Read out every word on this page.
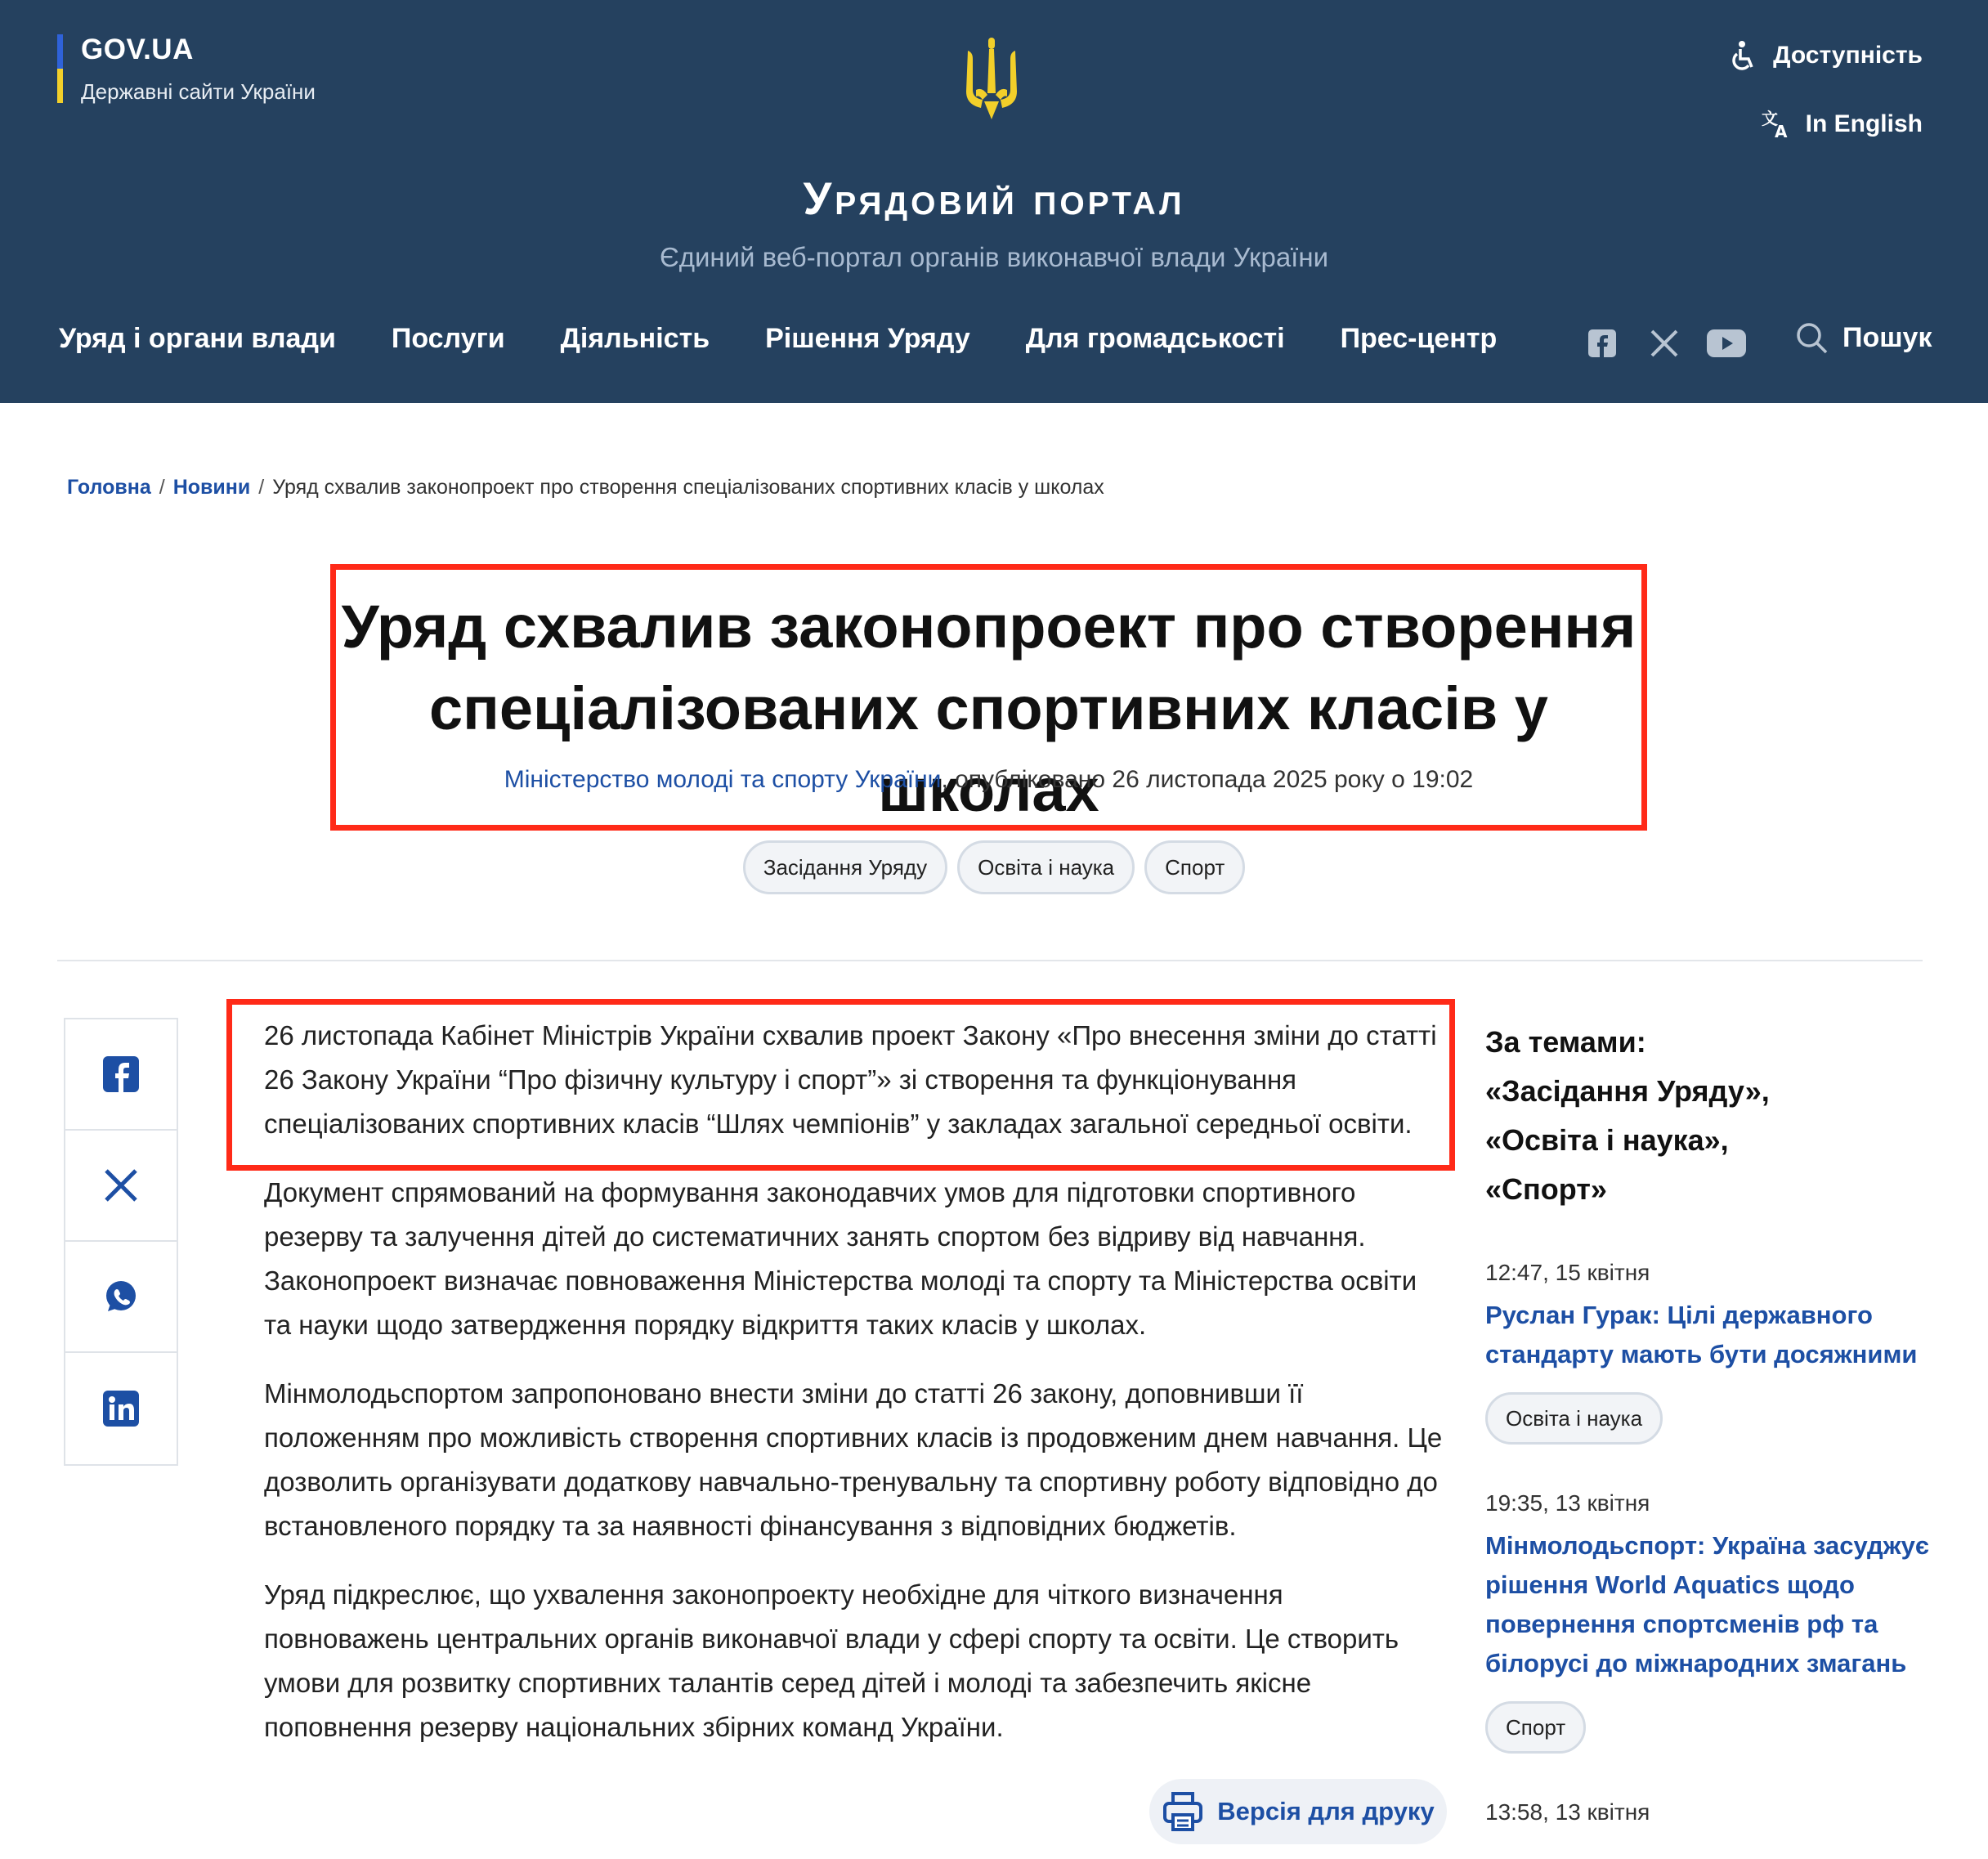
GOV.UA
Державні сайти України
Доступність
文
A In English
Урядовий портал
Єдиний веб-портал органів виконавчої влади України
Уряд і органи влади Послуги Діяльність Рішення Уряду Для громадськості Прес-центр	Пошук
Головна / Новини / Уряд схвалив законопроект про створення спеціалізованих спортивних класів у школах
Уряд схвалив законопроект про створення
спеціалізованих спортивних класів у школах
Міністерство молоді та спорту України, опубліковано 26 листопада 2025 року о 19:02
Засідання Уряду	Освіта і наука	Спорт

26 листопада Кабінет Міністрів України схвалив проект Закону «Про внесення зміни до статті 26 Закону України “Про фізичну культуру і спорт”» зі створення та функціонування спеціалізованих спортивних класів “Шлях чемпіонів” у закладах загальної середньої освіти.

Документ спрямований на формування законодавчих умов для підготовки спортивного резерву та залучення дітей до систематичних занять спортом без відриву від навчання. Законопроект визначає повноваження Міністерства молоді та спорту та Міністерства освіти та науки щодо затвердження порядку відкриття таких класів у школах.

Мінмолодьспортом запропоновано внести зміни до статті 26 закону, доповнивши її положенням про можливість створення спортивних класів із продовженим днем навчання. Це дозволить організувати додаткову навчально-тренувальну та спортивну роботу відповідно до встановленого порядку та за наявності фінансування з відповідних бюджетів.

Уряд підкреслює, що ухвалення законопроекту необхідне для чіткого визначення повноважень центральних органів виконавчої влади у сфері спорту та освіти. Це створить умови для розвитку спортивних талантів серед дітей і молоді та забезпечить якісне поповнення резерву національних збірних команд України.

Версія для друку
За темами:
«Засідання Уряду»,
«Освіта і наука»,
«Спорт»
12:47, 15 квітня
Руслан Гурак: Цілі державного стандарту мають бути досяжними
Освіта і наука
19:35, 13 квітня
Мінмолодьспорт: Україна засуджує рішення World Aquatics щодо повернення спортсменів рф та білорусі до міжнародних змагань
Спорт
13:58, 13 квітня
